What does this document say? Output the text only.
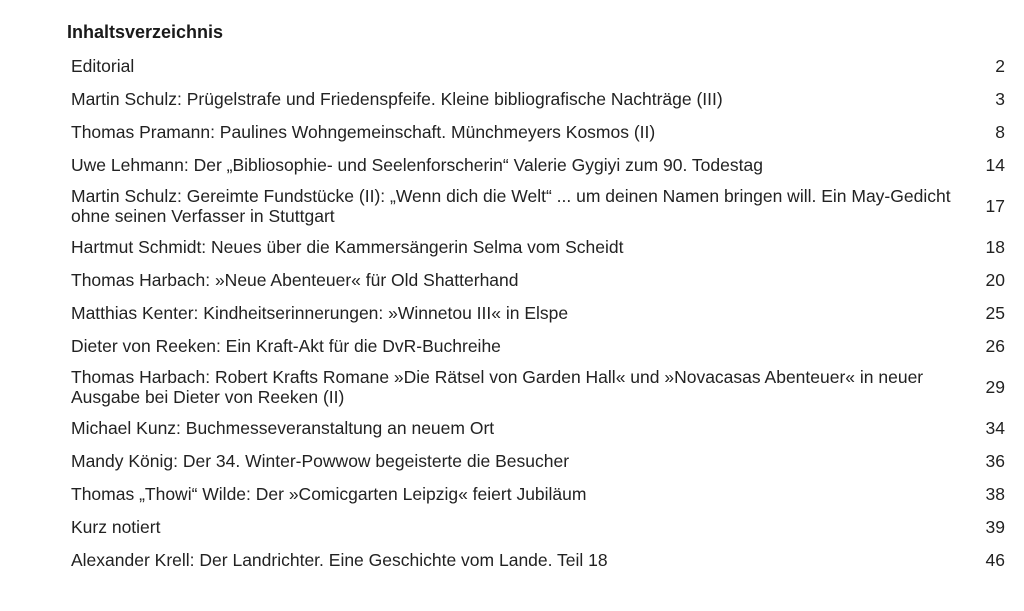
Inhaltsverzeichnis
Editorial	2
Martin Schulz: Prügelstrafe und Friedenspfeife. Kleine bibliografische Nachträge (III)	3
Thomas Pramann: Paulines Wohngemeinschaft. Münchmeyers Kosmos (II)	8
Uwe Lehmann: Der „Bibliosophie- und Seelenforscherin“ Valerie Gygiyi zum 90. Todestag	14
Martin Schulz: Gereimte Fundstücke (II): „Wenn dich die Welt“ ... um deinen Namen bringen will. Ein May-Gedicht ohne seinen Verfasser in Stuttgart	17
Hartmut Schmidt: Neues über die Kammersängerin Selma vom Scheidt	18
Thomas Harbach: »Neue Abenteuer« für Old Shatterhand	20
Matthias Kenter: Kindheitserinnerungen: »Winnetou III« in Elspe	25
Dieter von Reeken: Ein Kraft-Akt für die DvR-Buchreihe	26
Thomas Harbach: Robert Krafts Romane »Die Rätsel von Garden Hall« und »Novacasas Abenteuer« in neuer Ausgabe bei Dieter von Reeken (II)	29
Michael Kunz: Buchmesseveranstaltung an neuem Ort	34
Mandy König: Der 34. Winter-Powwow begeisterte die Besucher	36
Thomas „Thowi“ Wilde: Der »Comicgarten Leipzig« feiert Jubiläum	38
Kurz notiert	39
Alexander Krell: Der Landrichter. Eine Geschichte vom Lande. Teil 18	46
